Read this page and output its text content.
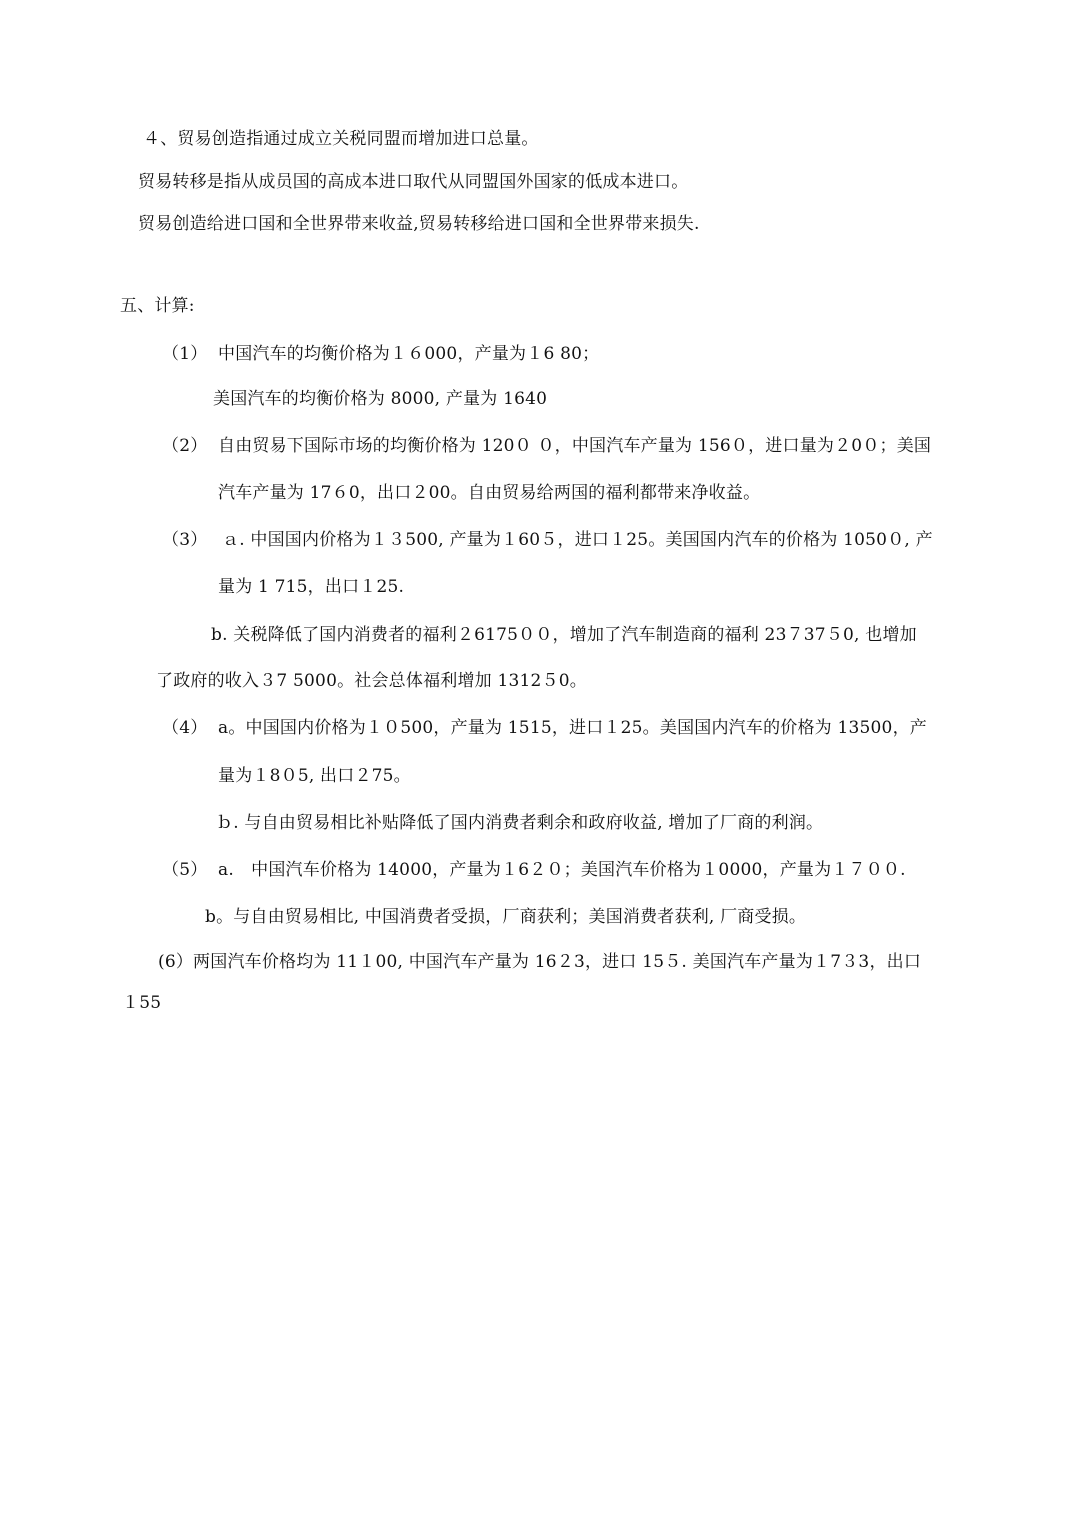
４、贸易创造指通过成立关税同盟而增加进口总量。
贸易转移是指从成员国的高成本进口取代从同盟国外国家的低成本进口。
贸易创造给进口国和全世界带来收益,贸易转移给进口国和全世界带来损失.
五、计算:
（1） 中国汽车的均衡价格为１６000，产量为１6 80；
美国汽车的均衡价格为 8000, 产量为 1640
（2） 自由贸易下国际市场的均衡价格为 120０ ０，中国汽车产量为 156０，进口量为２0０；美国
汽车产量为 17６0，出口２00。自由贸易给两国的福利都带来净收益。
（3） ａ. 中国国内价格为１３500, 产量为１60５，进口１25。美国国内汽车的价格为 1050０, 产
量为 1 715，出口１25.
b. 关税降低了国内消费者的福利２6175００，增加了汽车制造商的福利 23７37５0, 也增加
了政府的收入３7 5000。社会总体福利增加 1312５0。
（4） a。中国国内价格为１０500，产量为 1515，进口１25。美国国内汽车的价格为 13500，产
量为１8０5, 出口２75。
ｂ. 与自由贸易相比补贴降低了国内消费者剩余和政府收益, 增加了厂商的利润。
（5） a.　中国汽车价格为 14000，产量为１6２０；美国汽车价格为１0000，产量为１７００.
b。与自由贸易相比, 中国消费者受损，厂商获利；美国消费者获利, 厂商受损。
(6）两国汽车价格均为 11１00, 中国汽车产量为 16２3，进口 15５. 美国汽车产量为１7３3，出口
１55
